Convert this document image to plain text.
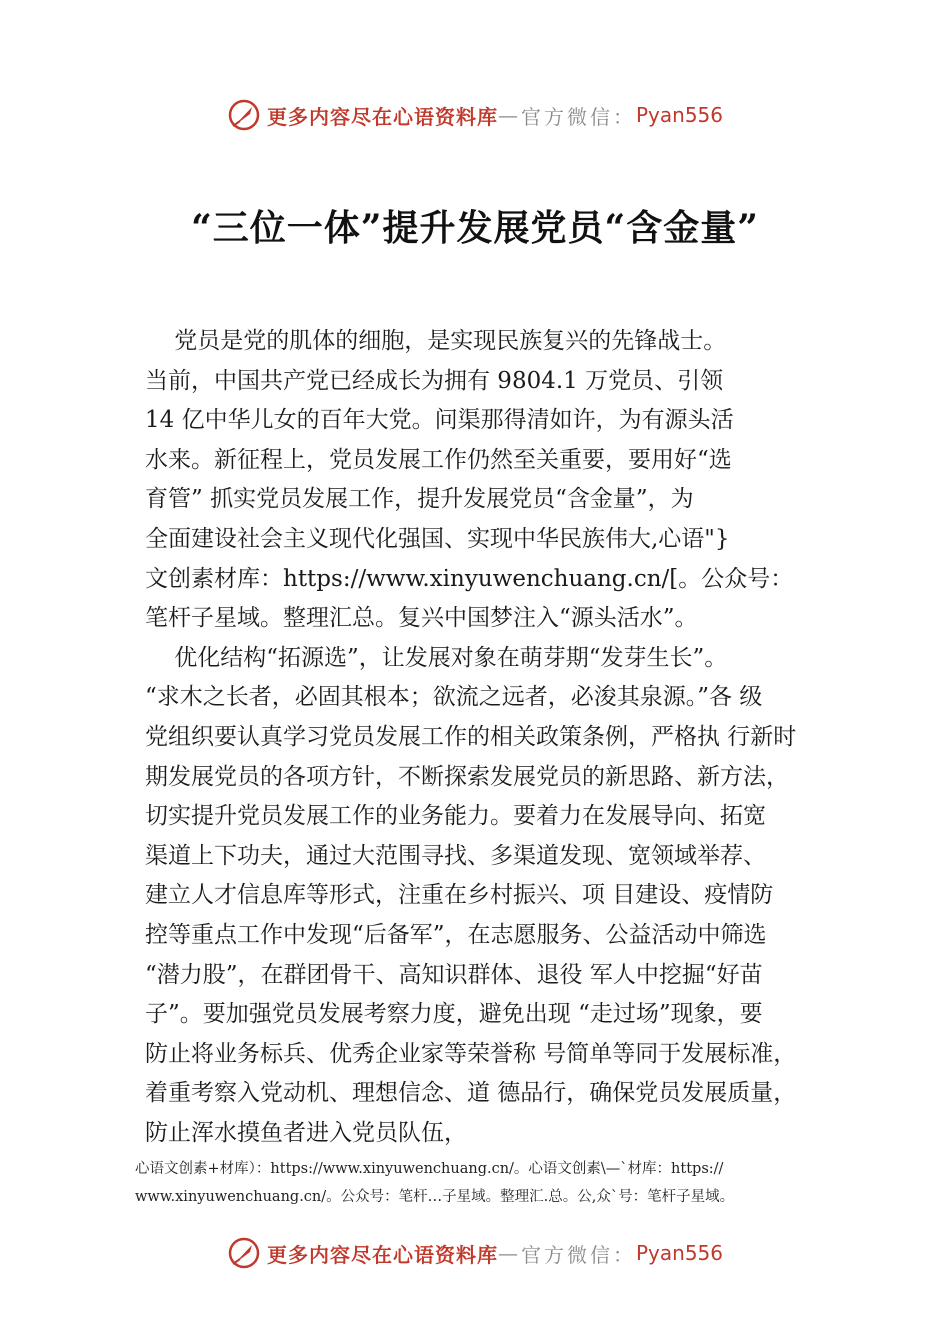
更多内容尽在心语资料库 — 官方微信： Pyan556
“三位一体”提升发展党员“含金量”
党员是党的肌体的细胞，是实现民族复兴的先锋战士。
当前，中国共产党已经成长为拥有 9804.1 万党员、引领
14 亿中华儿女的百年大党。问渠那得清如许，为有源头活
水来。新征程上，党员发展工作仍然至关重要，要用好“选
育管” 抓实党员发展工作，提升发展党员“含金量”，为
全面建设社会主义现代化强国、实现中华民族伟大,心语"}
文创素材库：https://www.xinyuwenchuang.cn/[。公众号：
笔杆子星域。整理汇总。复兴中国梦注入“源头活水”。
优化结构“拓源选”，让发展对象在萌芽期“发芽生长”。
“求木之长者，必固其根本；欲流之远者，必浚其泉源。”各 级
党组织要认真学习党员发展工作的相关政策条例，严格执 行新时
期发展党员的各项方针，不断探索发展党员的新思路、新方法，
切实提升党员发展工作的业务能力。要着力在发展导向、拓宽
渠道上下功夫，通过大范围寻找、多渠道发现、宽领域举荐、
建立人才信息库等形式，注重在乡村振兴、项 目建设、疫情防
控等重点工作中发现“后备军”，在志愿服务、公益活动中筛选
“潜力股”，在群团骨干、高知识群体、退役 军人中挖掘“好苗
子”。要加强党员发展考察力度，避免出现 “走过场”现象，要
防止将业务标兵、优秀企业家等荣誉称 号简单等同于发展标准，
着重考察入党动机、理想信念、道 德品行，确保党员发展质量，
防止浑水摸鱼者进入党员队伍，
心语文创素+材库）：https://www.xinyuwenchuang.cn/。心语文创素\—`材库：https://
www.xinyuwenchuang.cn/。公众号：笔杆…子星域。整理汇.总。公,众`号：笔杆子星域。
更多内容尽在心语资料库 — 官方微信： Pyan556
